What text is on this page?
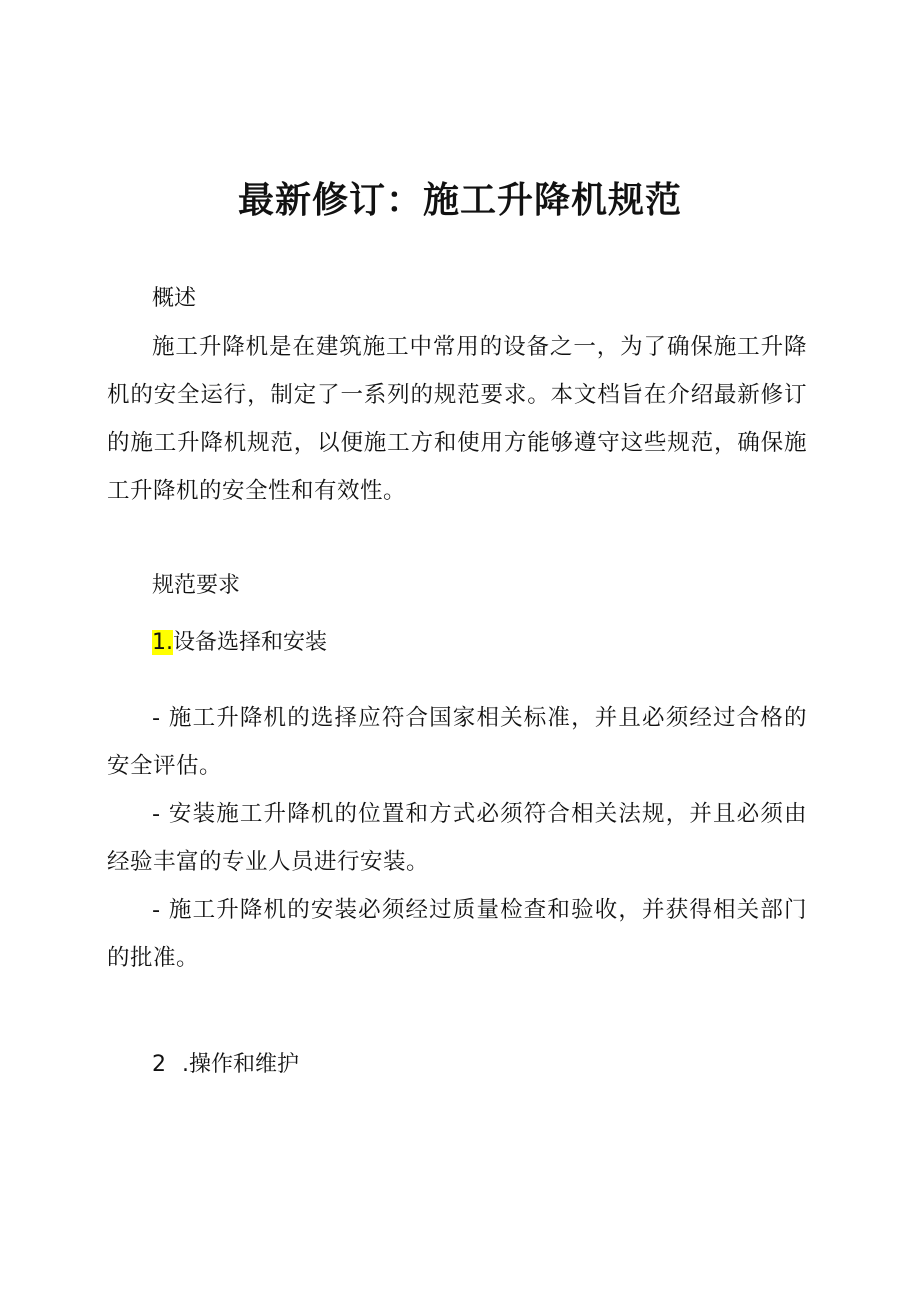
最新修订：施工升降机规范
概述
施工升降机是在建筑施工中常用的设备之一，为了确保施工升降机的安全运行，制定了一系列的规范要求。本文档旨在介绍最新修订的施工升降机规范，以便施工方和使用方能够遵守这些规范，确保施工升降机的安全性和有效性。
规范要求
1.设备选择和安装
- 施工升降机的选择应符合国家相关标准，并且必须经过合格的安全评估。
- 安装施工升降机的位置和方式必须符合相关法规，并且必须由经验丰富的专业人员进行安装。
- 施工升降机的安装必须经过质量检查和验收，并获得相关部门的批准。
2 .操作和维护
